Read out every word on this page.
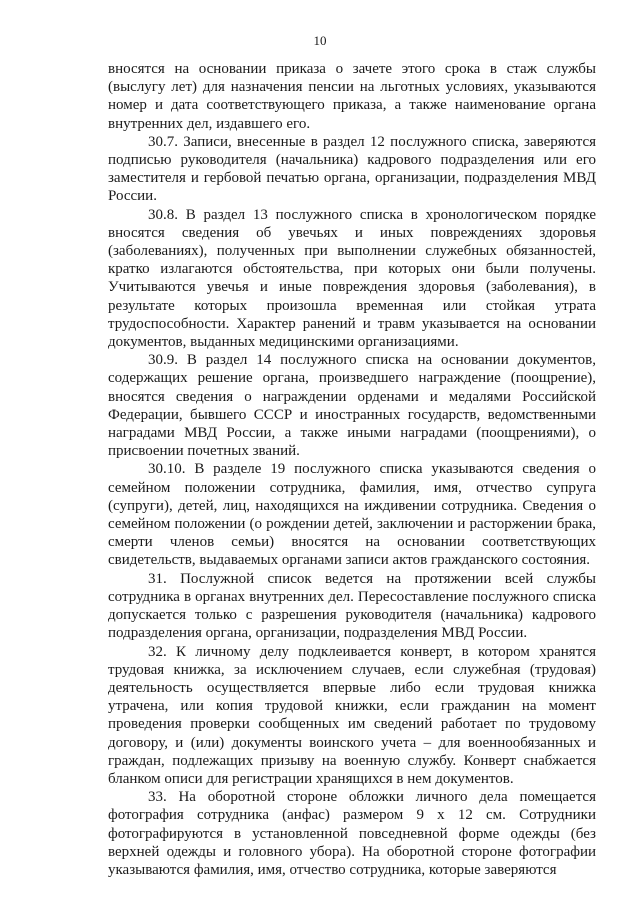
10

вносятся на основании приказа о зачете этого срока в стаж службы (выслугу лет) для назначения пенсии на льготных условиях, указываются номер и дата соответствующего приказа, а также наименование органа внутренних дел, издавшего его.

30.7. Записи, внесенные в раздел 12 послужного списка, заверяются подписью руководителя (начальника) кадрового подразделения или его заместителя и гербовой печатью органа, организации, подразделения МВД России.

30.8. В раздел 13 послужного списка в хронологическом порядке вносятся сведения об увечьях и иных повреждениях здоровья (заболеваниях), полученных при выполнении служебных обязанностей, кратко излагаются обстоятельства, при которых они были получены. Учитываются увечья и иные повреждения здоровья (заболевания), в результате которых произошла временная или стойкая утрата трудоспособности. Характер ранений и травм указывается на основании документов, выданных медицинскими организациями.

30.9. В раздел 14 послужного списка на основании документов, содержащих решение органа, произведшего награждение (поощрение), вносятся сведения о награждении орденами и медалями Российской Федерации, бывшего СССР и иностранных государств, ведомственными наградами МВД России, а также иными наградами (поощрениями), о присвоении почетных званий.

30.10. В разделе 19 послужного списка указываются сведения о семейном положении сотрудника, фамилия, имя, отчество супруга (супруги), детей, лиц, находящихся на иждивении сотрудника. Сведения о семейном положении (о рождении детей, заключении и расторжении брака, смерти членов семьи) вносятся на основании соответствующих свидетельств, выдаваемых органами записи актов гражданского состояния.

31. Послужной список ведется на протяжении всей службы сотрудника в органах внутренних дел. Пересоставление послужного списка допускается только с разрешения руководителя (начальника) кадрового подразделения органа, организации, подразделения МВД России.

32. К личному делу подклеивается конверт, в котором хранятся трудовая книжка, за исключением случаев, если служебная (трудовая) деятельность осуществляется впервые либо если трудовая книжка утрачена, или копия трудовой книжки, если гражданин на момент проведения проверки сообщенных им сведений работает по трудовому договору, и (или) документы воинского учета – для военнообязанных и граждан, подлежащих призыву на военную службу. Конверт снабжается бланком описи для регистрации хранящихся в нем документов.

33. На оборотной стороне обложки личного дела помещается фотография сотрудника (анфас) размером 9 х 12 см. Сотрудники фотографируются в установленной повседневной форме одежды (без верхней одежды и головного убора). На оборотной стороне фотографии указываются фамилия, имя, отчество сотрудника, которые заверяются
